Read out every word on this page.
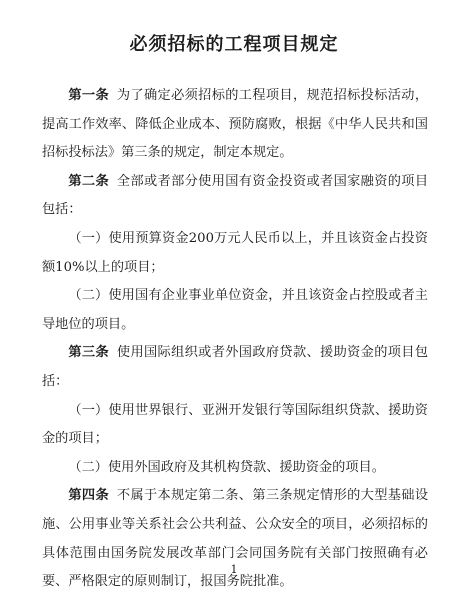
必须招标的工程项目规定

第一条 为了确定必须招标的工程项目，规范招标投标活动，提高工作效率、降低企业成本、预防腐败，根据《中华人民共和国招标投标法》第三条的规定，制定本规定。

第二条 全部或者部分使用国有资金投资或者国家融资的项目包括：

（一）使用预算资金200万元人民币以上，并且该资金占投资额10%以上的项目；

（二）使用国有企业事业单位资金，并且该资金占控股或者主导地位的项目。

第三条 使用国际组织或者外国政府贷款、援助资金的项目包括：

（一）使用世界银行、亚洲开发银行等国际组织贷款、援助资金的项目；

（二）使用外国政府及其机构贷款、援助资金的项目。

第四条 不属于本规定第二条、第三条规定情形的大型基础设施、公用事业等关系社会公共利益、公众安全的项目，必须招标的具体范围由国务院发展改革部门会同国务院有关部门按照确有必要、严格限定的原则制订，报国务院批准。

1
